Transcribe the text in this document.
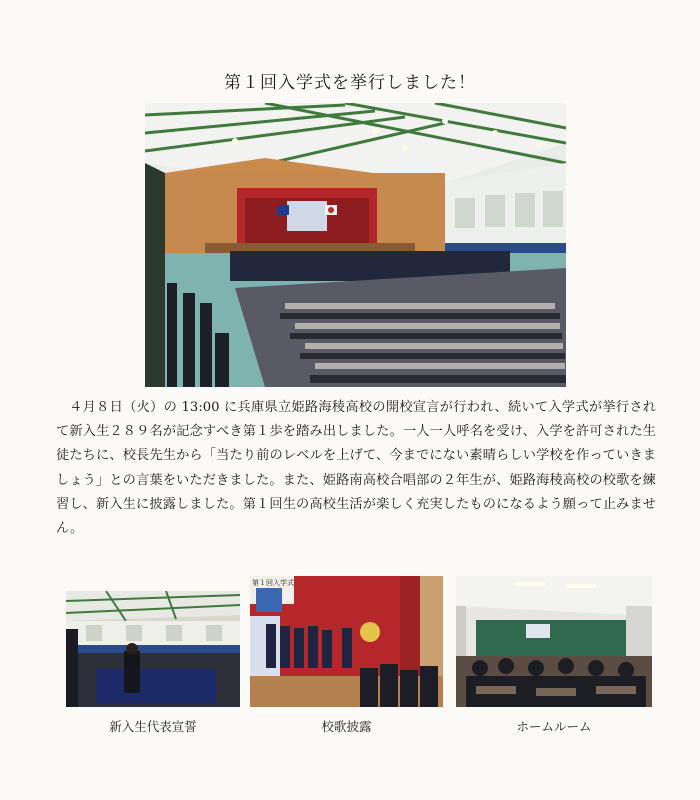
第１回入学式を挙行しました！
４月８日（火）の 13:00 に兵庫県立姫路海稜高校の開校宣言が行われ、続いて入学式が挙行されて新入生２８９名が記念すべき第１歩を踏み出しました。一人一人呼名を受け、入学を許可された生徒たちに、校長先生から「当たり前のレベルを上げて、今までにない素晴らしい学校を作っていきましょう」との言葉をいただきました。また、姫路南高校合唱部の２年生が、姫路海稜高校の校歌を練習し、新入生に披露しました。第１回生の高校生活が楽しく充実したものになるよう願って止みません。
第１回入学式
新入生代表宣誓	校歌披露	ホームルーム
